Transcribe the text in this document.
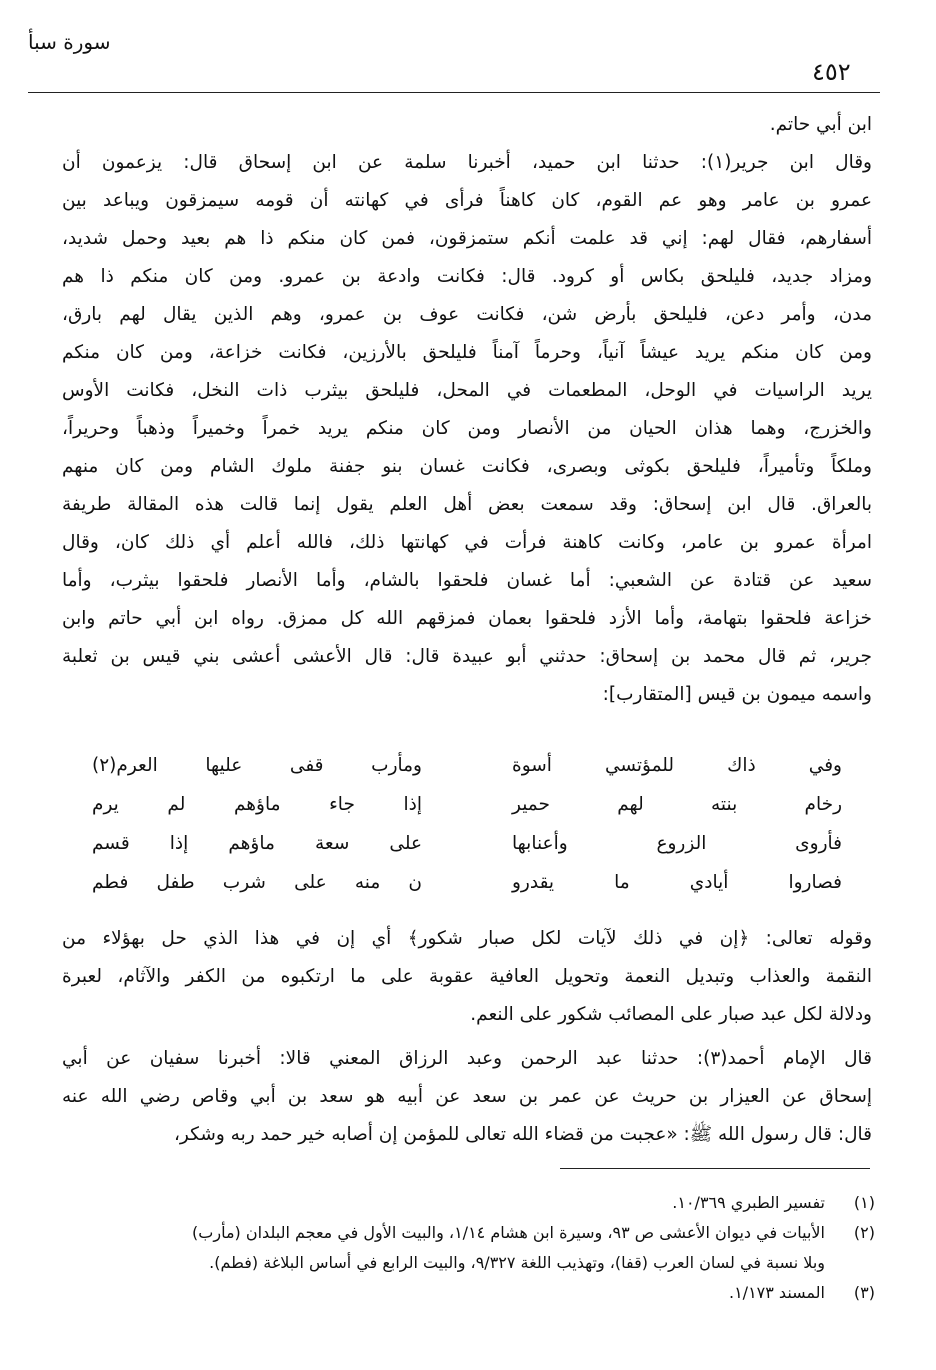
سورة سبأ
٤٥٢
ابن أبي حاتم.
وقال ابن جرير(١): حدثنا ابن حميد، أخبرنا سلمة عن ابن إسحاق قال: يزعمون أن
عمرو بن عامر وهو عم القوم، كان كاهناً فرأى في كهانته أن قومه سيمزقون ويباعد بين
أسفارهم، فقال لهم: إني قد علمت أنكم ستمزقون، فمن كان منكم ذا هم بعيد وحمل شديد،
ومزاد جديد، فليلحق بكاس أو كرود. قال: فكانت وادعة بن عمرو. ومن كان منكم ذا هم
مدن، وأمر دعن، فليلحق بأرض شن، فكانت عوف بن عمرو، وهم الذين يقال لهم بارق،
ومن كان منكم يريد عيشاً آنياً، وحرماً آمناً فليلحق بالأرزين، فكانت خزاعة، ومن كان منكم
يريد الراسيات في الوحل، المطعمات في المحل، فليلحق بيثرب ذات النخل، فكانت الأوس
والخزرج، وهما هذان الحيان من الأنصار ومن كان منكم يريد خمراً وخميراً وذهباً وحريراً،
وملكاً وتأميراً، فليلحق بكوثى وبصرى، فكانت غسان بنو جفنة ملوك الشام ومن كان منهم
بالعراق. قال ابن إسحاق: وقد سمعت بعض أهل العلم يقول إنما قالت هذه المقالة طريفة
امرأة عمرو بن عامر، وكانت كاهنة فرأت في كهانتها ذلك، فالله أعلم أي ذلك كان، وقال
سعيد عن قتادة عن الشعبي: أما غسان فلحقوا بالشام، وأما الأنصار فلحقوا بيثرب، وأما
خزاعة فلحقوا بتهامة، وأما الأزد فلحقوا بعمان فمزقهم الله كل ممزق. رواه ابن أبي حاتم وابن
جرير، ثم قال محمد بن إسحاق: حدثني أبو عبيدة قال: قال الأعشى أعشى بني قيس بن ثعلبة
واسمه ميمون بن قيس [المتقارب]:
وفي ذاك للمؤتسي أسوة
ومأرب قفى عليها العرم(٢)
رخام بنته لهم حمير
إذا جاء ماؤهم لم يرم
فأروى الزروع وأعنابها
على سعة ماؤهم إذا قسم
فصاروا أيادي ما يقدرو
ن منه على شرب طفل فطم
وقوله تعالى: ﴿إن في ذلك لآيات لكل صبار شكور﴾ أي إن في هذا الذي حل بهؤلاء من
النقمة والعذاب وتبديل النعمة وتحويل العافية عقوبة على ما ارتكبوه من الكفر والآثام، لعبرة
ودلالة لكل عبد صبار على المصائب شكور على النعم.
قال الإمام أحمد(٣): حدثنا عبد الرحمن وعبد الرزاق المعني قالا: أخبرنا سفيان عن أبي
إسحاق عن العيزار بن حريث عن عمر بن سعد عن أبيه هو سعد بن أبي وقاص رضي الله عنه
قال: قال رسول الله ﷺ: «عجبت من قضاء الله تعالى للمؤمن إن أصابه خير حمد ربه وشكر،
(١)تفسير الطبري ١٠/٣٦٩.
(٢)الأبيات في ديوان الأعشى ص ٩٣، وسيرة ابن هشام ١/١٤، والبيت الأول في معجم البلدان (مأرب)
وبلا نسبة في لسان العرب (قفا)، وتهذيب اللغة ٩/٣٢٧، والبيت الرابع في أساس البلاغة (فطم).
(٣)المسند ١/١٧٣.
